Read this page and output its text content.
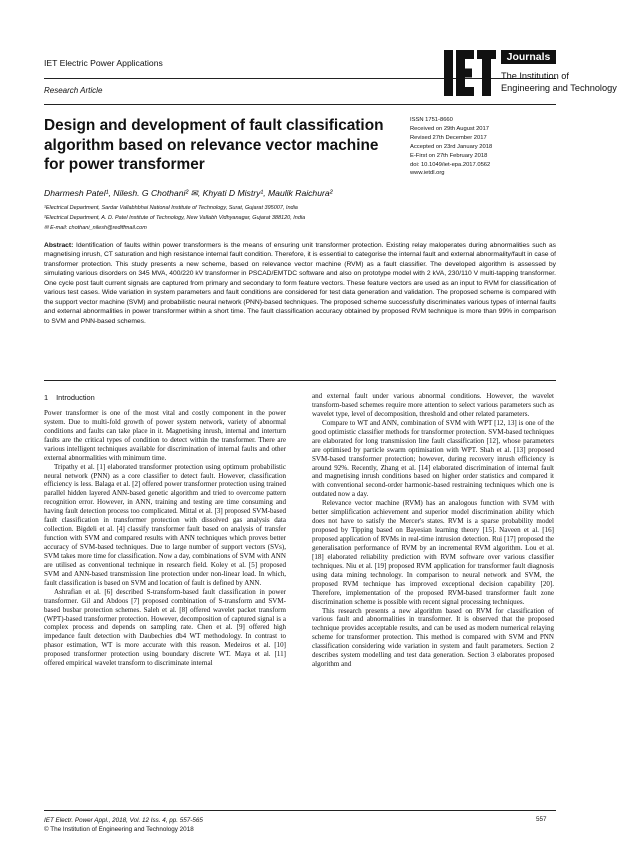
IET Electric Power Applications
Research Article
Journals
The Institution of
Engineering and Technology
Design and development of fault classification algorithm based on relevance vector machine for power transformer
ISSN 1751-8660
Received on 29th August 2017
Revised 27th December 2017
Accepted on 23rd January 2018
E-First on 27th February 2018
doi: 10.1049/iet-epa.2017.0562
www.ietdl.org
Dharmesh Patel¹, Nilesh. G Chothani² ✉, Khyati D Mistry¹, Maulik Raichura²
¹Electrical Department, Sardar Vallabhbhai National Institute of Technology, Surat, Gujarat 395007, India
²Electrical Department, A. D. Patel Institute of Technology, New Vallabh Vidhyanagar, Gujarat 388120, India
✉ E-mail: chothani_nilesh@rediffmail.com
Abstract: Identification of faults within power transformers is the means of ensuring unit transformer protection. Existing relay maloperates during abnormalities such as magnetising inrush, CT saturation and high resistance internal fault condition. Therefore, it is essential to categorise the internal fault and external abnormality/fault in case of transformer protection. This study presents a new scheme, based on relevance vector machine (RVM) as a fault classifier. The developed algorithm is assessed by simulating various disorders on 345 MVA, 400/220 kV transformer in PSCAD/EMTDC software and also on prototype model with 2 kVA, 230/110 V multi-tapping transformer. One cycle post fault current signals are captured from primary and secondary to form feature vectors. These feature vectors are used as an input to RVM for classification of various test cases. Wide variation in system parameters and fault conditions are considered for test data generation and validation. The proposed scheme is compared with the support vector machine (SVM) and probabilistic neural network (PNN)-based techniques. The proposed scheme successfully discriminates various types of internal faults and external abnormalities in power transformer within a short time. The fault classification accuracy obtained by proposed RVM technique is more than 99% in comparison to SVM and PNN-based schemes.
1 Introduction

Power transformer is one of the most vital and costly component in the power system. Due to multi-fold growth of power system network, variety of abnormal conditions and faults can take place in it. Magnetising inrush, internal and interturn faults are the critical types of condition to detect within the transformer. There are various intelligent techniques available for discrimination of internal faults and other external abnormalities with minimum time.

Tripathy et al. [1] elaborated transformer protection using optimum probabilistic neural network (PNN) as a core classifier to detect fault. However, classification efficiency is less. Balaga et al. [2] offered power transformer protection using trained parallel hidden layered ANN-based genetic algorithm and tried to overcome pattern recognition error. However, in ANN, training and testing are time consuming and having fault detection process too complicated. Mittal et al. [3] proposed SVM-based fault classification in transformer protection with dissolved gas analysis data collection. Bigdeli et al. [4] classify transformer fault based on analysis of transfer function with SVM and compared results with ANN techniques which proves better accuracy of SVM-based techniques. Due to large number of support vectors (SVs), SVM takes more time for classification. Now a day, combinations of SVM with ANN are utilised as conventional technique in research field. Koley et al. [5] proposed SVM and ANN-based transmission line protection under non-linear load. In which, fault classification is based on SVM and location of fault is defined by ANN.

Ashrafian et al. [6] described S-transform-based fault classification in power transformer. Gil and Abdoos [7] proposed combination of S-transform and SVM-based busbar protection schemes. Saleh et al. [8] offered wavelet packet transform (WPT)-based transformer protection. However, decomposition of captured signal is a complex process and depends on sampling rate. Chen et al. [9] offered high impedance fault detection with Daubechies db4 WT methodology. In contrast to phasor estimation, WT is more accurate with this reason. Medeiros et al. [10] proposed transformer protection using boundary discrete WT. Maya et al. [11] offered empirical wavelet transform to discriminate internal

and external fault under various abnormal conditions. However, the wavelet transform-based schemes require more attention to select various parameters such as wavelet type, level of decomposition, threshold and other related parameters.

Compare to WT and ANN, combination of SVM with WPT [12, 13] is one of the good optimistic classifier methods for transformer protection. SVM-based techniques are elaborated for long transmission line fault classification [12], whose parameters are optimised by particle swarm optimisation with WPT. Shah et al. [13] proposed SVM-based transformer protection; however, during recovery inrush efficiency is around 92%. Recently, Zhang et al. [14] elaborated discrimination of internal fault and magnetising inrush conditions based on higher order statistics and compared it with conventional second-order harmonic-based restraining techniques which one is outdated now a day.

Relevance vector machine (RVM) has an analogous function with SVM with better simplification achievement and superior model discrimination ability which does not have to satisfy the Mercer's states. RVM is a sparse probability model proposed by Tipping based on Bayesian learning theory [15]. Naveen et al. [16] proposed application of RVMs in real-time intrusion detection. Rui [17] proposed the generalisation performance of RVM by an incremental RVM algorithm. Lou et al. [18] elaborated reliability prediction with RVM software over various classifier techniques. Niu et al. [19] proposed RVM application for transformer fault diagnosis using data mining technology. In comparison to neural network and SVM, the proposed RVM technique has improved exceptional decision capability [20]. Therefore, implementation of the proposed RVM-based transformer fault zone discrimination scheme is possible with recent signal processing techniques.

This research presents a new algorithm based on RVM for classification of various fault and abnormalities in transformer. It is observed that the proposed technique provides acceptable results, and can be used as modern numerical relaying scheme for transformer protection. This method is compared with SVM and PNN classification considering wide variation in system and fault parameters. Section 2 describes system modelling and test data generation. Section 3 elaborates proposed algorithm and

IET Electr. Power Appl., 2018, Vol. 12 Iss. 4, pp. 557-565
© The Institution of Engineering and Technology 2018
557
